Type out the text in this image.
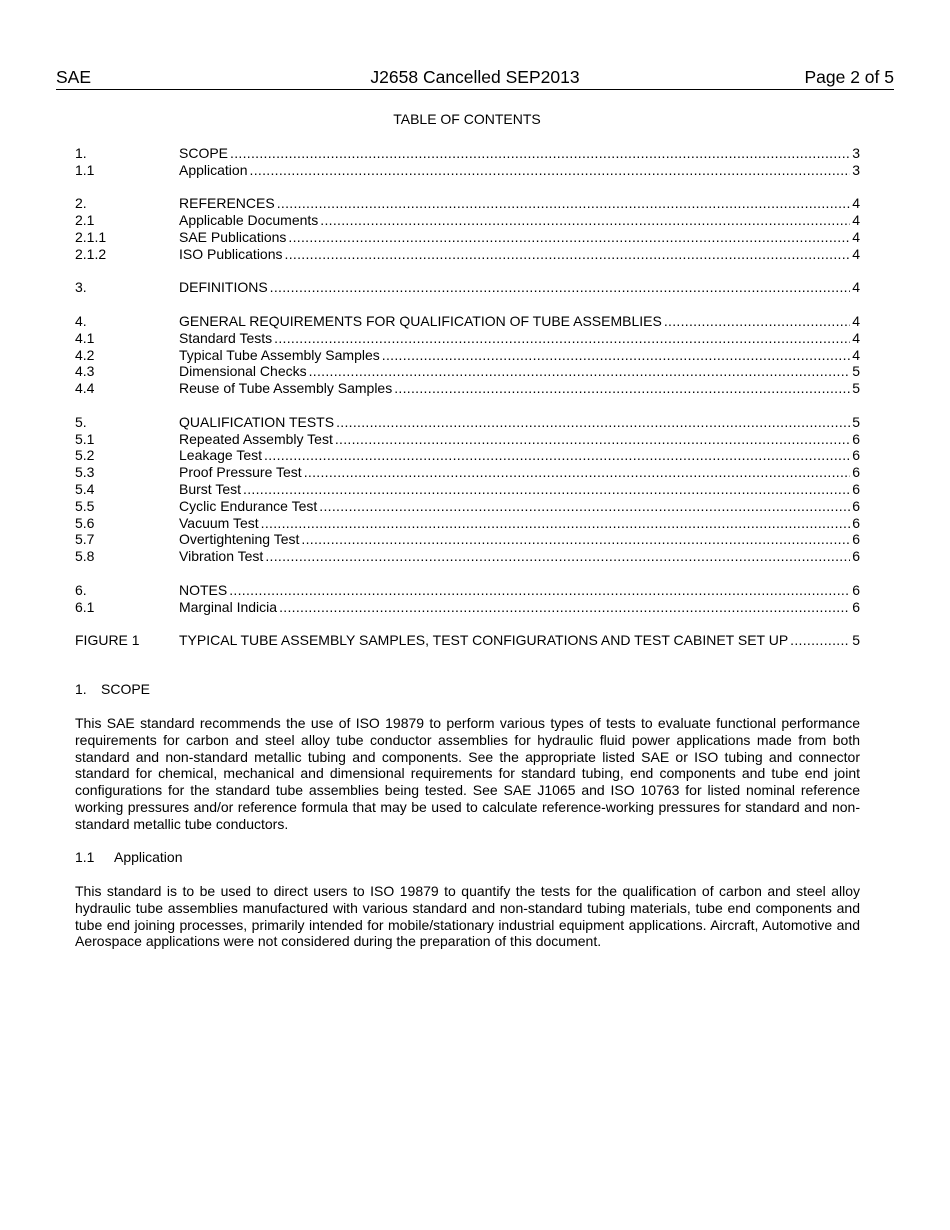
SAE	J2658 Cancelled SEP2013	Page 2 of 5
TABLE OF CONTENTS
1.	SCOPE .....	3
1.1	Application .....	3
2.	REFERENCES .....	4
2.1	Applicable Documents .....	4
2.1.1	SAE Publications .....	4
2.1.2	ISO Publications .....	4
3.	DEFINITIONS .....	4
4.	GENERAL REQUIREMENTS FOR QUALIFICATION OF TUBE ASSEMBLIES .....	4
4.1	Standard Tests .....	4
4.2	Typical Tube Assembly Samples .....	4
4.3	Dimensional Checks .....	5
4.4	Reuse of Tube Assembly Samples .....	5
5.	QUALIFICATION TESTS .....	5
5.1	Repeated Assembly Test .....	6
5.2	Leakage Test .....	6
5.3	Proof Pressure Test .....	6
5.4	Burst Test .....	6
5.5	Cyclic Endurance Test .....	6
5.6	Vacuum Test .....	6
5.7	Overtightening Test .....	6
5.8	Vibration Test .....	6
6.	NOTES .....	6
6.1	Marginal Indicia .....	6
FIGURE 1	TYPICAL TUBE ASSEMBLY SAMPLES, TEST CONFIGURATIONS AND TEST CABINET SET UP .....	5
1. SCOPE

This SAE standard recommends the use of ISO 19879 to perform various types of tests to evaluate functional performance requirements for carbon and steel alloy tube conductor assemblies for hydraulic fluid power applications made from both standard and non-standard metallic tubing and components. See the appropriate listed SAE or ISO tubing and connector standard for chemical, mechanical and dimensional requirements for standard tubing, end components and tube end joint configurations for the standard tube assemblies being tested. See SAE J1065 and ISO 10763 for listed nominal reference working pressures and/or reference formula that may be used to calculate reference-working pressures for standard and non-standard metallic tube conductors.

1.1 Application

This standard is to be used to direct users to ISO 19879 to quantify the tests for the qualification of carbon and steel alloy hydraulic tube assemblies manufactured with various standard and non-standard tubing materials, tube end components and tube end joining processes, primarily intended for mobile/stationary industrial equipment applications. Aircraft, Automotive and Aerospace applications were not considered during the preparation of this document.
